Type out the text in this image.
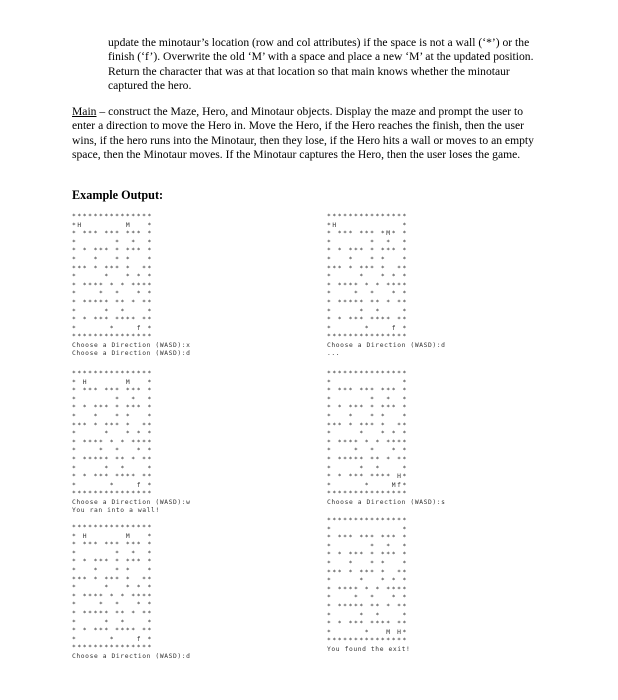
update the minotaur’s location (row and col attributes) if the space is not a wall (‘*’) or the finish (‘f’). Overwrite the old ‘M’ with a space and place a new ‘M’ at the updated position. Return the character that was at that location so that main knows whether the minotaur captured the hero.

Main – construct the Maze, Hero, and Minotaur objects. Display the maze and prompt the user to enter a direction to move the Hero in. Move the Hero, if the Hero reaches the finish, then the user wins, if the hero runs into the Minotaur, then they lose, if the Hero hits a wall or moves to an empty space, then the Minotaur moves. If the Minotaur captures the Hero, then the user loses the game.

Example Output:
***************
*H        M   *
* *** *** *** *
*       *  *  *
* * *** * *** *
*   *   * *   *
*** * *** *  **
*     *   * * *
* **** * * ****
*    *  *   * *
* ***** ** * **
*     *  *    *
* * *** **** **
*      *    f *
***************
Choose a Direction (WASD):x
Choose a Direction (WASD):d
***************
*H            *
* *** *** *M* *
*       *  *  *
* * *** * *** *
*   *   * *   *
*** * *** *  **
*     *   * * *
* **** * * ****
*    *  *   * *
* ***** ** * **
*     *  *    *
* * *** **** **
*      *    f *
***************
Choose a Direction (WASD):d
...
***************
* H       M   *
* *** *** *** *
*       *  *  *
* * *** * *** *
*   *   * *   *
*** * *** *  **
*     *   * * *
* **** * * ****
*    *  *   * *
* ***** ** * **
*     *  *    *
* * *** **** **
*      *    f *
***************
Choose a Direction (WASD):w
You ran into a wall!
***************
*             *
* *** *** *** *
*       *  *  *
* * *** * *** *
*   *   * *   *
*** * *** *  **
*     *   * * *
* **** * * ****
*    *  *   * *
* ***** ** * **
*     *  *    *
* * *** **** H*
*      *    Mf*
***************
Choose a Direction (WASD):s
***************
* H       M   *
* *** *** *** *
*       *  *  *
* * *** * *** *
*   *   * *   *
*** * *** *  **
*     *   * * *
* **** * * ****
*    *  *   * *
* ***** ** * **
*     *  *    *
* * *** **** **
*      *    f *
***************
Choose a Direction (WASD):d
***************
*             *
* *** *** *** *
*       *  *  *
* * *** * *** *
*   *   * *   *
*** * *** *  **
*     *   * * *
* **** * * ****
*    *  *   * *
* ***** ** * **
*     *  *    *
* * *** **** **
*      *   M H*
***************
You found the exit!
